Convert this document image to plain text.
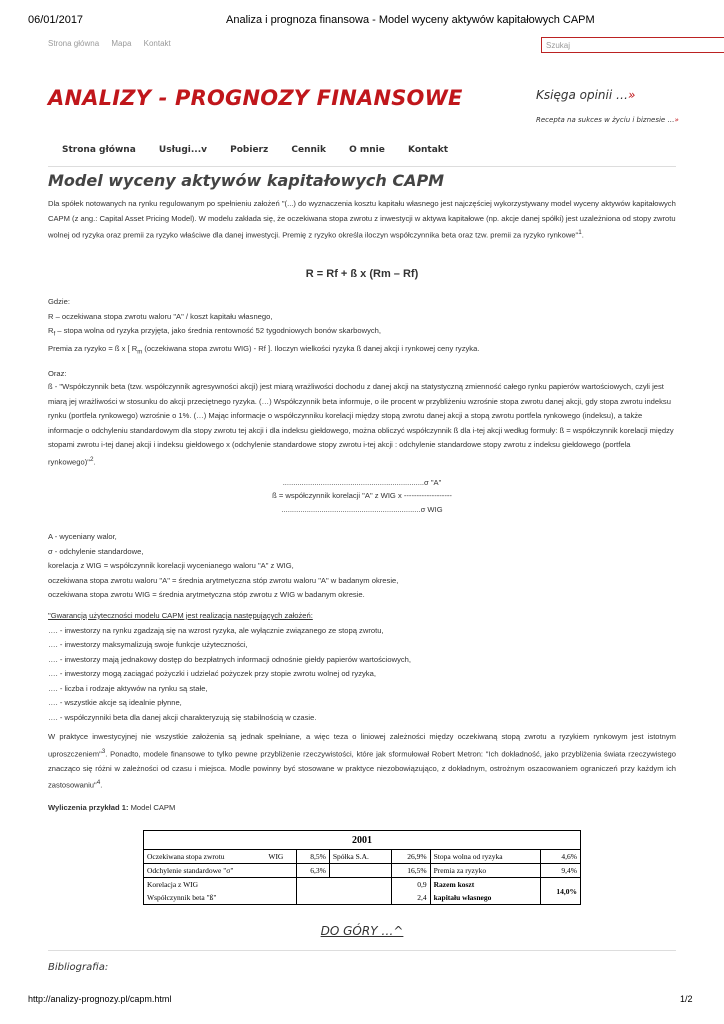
06/01/2017	Analiza i prognoza finansowa - Model wyceny aktywów kapitałowych CAPM
Strona główna Mapa Kontakt	Szukaj
ANALIZY - PROGNOZY FINANSOWE	Księga opinii …»
Recepta na sukces w życiu i biznesie …»
Strona główna	Usługi...v	Pobierz	Cennik	O mnie	Kontakt
Model wyceny aktywów kapitałowych CAPM
Dla spółek notowanych na rynku regulowanym po spełnieniu założeń "(...) do wyznaczenia kosztu kapitału własnego jest najczęściej wykorzystywany model wyceny aktywów kapitałowych CAPM (z ang.: Capital Asset Pricing Model). W modelu zakłada się, że oczekiwana stopa zwrotu z inwestycji w aktywa kapitałowe (np. akcje danej spółki) jest uzależniona od stopy zwrotu wolnej od ryzyka oraz premii za ryzyko właściwe dla danej inwestycji. Premię z ryzyko określa iloczyn współczynnika beta oraz tzw. premii za ryzyko rynkowe"$^1$.
R = Rf + ß x (Rm – Rf)

Gdzie:

R – oczekiwana stopa zwrotu waloru "A" / koszt kapitału własnego,

$R_f$ – stopa wolna od ryzyka przyjęta, jako średnia rentowność 52 tygodniowych bonów skarbowych,

Premia za ryzyko = ß x [ $R_m$ (oczekiwana stopa zwrotu WIG) - Rf ]. Iloczyn wielkości ryzyka ß danej akcji i rynkowej ceny ryzyka.

Oraz:
ß - "Współczynnik beta (tzw. współczynnik agresywności akcji) jest miarą wrażliwości dochodu z danej akcji na statystyczną zmienność całego rynku papierów wartościowych, czyli jest miarą jej wrażliwości w stosunku do akcji przeciętnego ryzyka. (…) Współczynnik beta informuje, o ile procent w przybliżeniu wzrośnie stopa zwrotu danej akcji, gdy stopa zwrotu indeksu rynku (portfela rynkowego) wzrośnie o 1%. (…) Mając informacje o współczynniku korelacji między stopą zwrotu danej akcji a stopą zwrotu portfela rynkowego (indeksu), a także informacje o odchyleniu standardowym dla stopy zwrotu tej akcji i dla indeksu giełdowego, można obliczyć współczynnik ß dla i-tej akcji według formuły: ß = współczynnik korelacji między stopami zwrotu i-tej danej akcji i indeksu giełdowego x (odchylenie standardowe stopy zwrotu i-tej akcji : odchylenie standardowe stopy zwrotu z indeksu giełdowego (portfela rynkowego)"$^2$.
...................................................................σ "A"
ß = współczynnik korelacji "A" z WIG x -------------------
..................................................................σ WIG

A - wyceniany walor,

σ - odchylenie standardowe,

korelacja z WIG = współczynnik korelacji wycenianego waloru "A" z WIG,

oczekiwana stopa zwrotu waloru "A" = średnia arytmetyczna stóp zwrotu waloru "A" w badanym okresie,

oczekiwana stopa zwrotu WIG = średnia arytmetyczna stóp zwrotu z WIG w badanym okresie.

"Gwarancją użyteczności modelu CAPM jest realizacja następujących założeń:

…. - inwestorzy na rynku zgadzają się na wzrost ryzyka, ale wyłącznie związanego ze stopą zwrotu,

…. - inwestorzy maksymalizują swoje funkcje użyteczności,

…. - inwestorzy mają jednakowy dostęp do bezpłatnych informacji odnośnie giełdy papierów wartościowych,

…. - inwestorzy mogą zaciągać pożyczki i udzielać pożyczek przy stopie zwrotu wolnej od ryzyka,

…. - liczba i rodzaje aktywów na rynku są stałe,

…. - wszystkie akcje są idealnie płynne,

…. - współczynniki beta dla danej akcji charakteryzują się stabilnością w czasie.

W praktyce inwestycyjnej nie wszystkie założenia są jednak spełniane, a więc teza o liniowej zależności między oczekiwaną stopą zwrotu a ryzykiem rynkowym jest istotnym uproszczeniem"$^3$. Ponadto, modele finansowe to tylko pewne przybliżenie rzeczywistości, które jak sformułował Robert Metron: "Ich dokładność, jako przybliżenia świata rzeczywistego znacząco się różni w zależności od czasu i miejsca. Modle powinny być stosowane w praktyce niezobowiązująco, z dokładnym, ostrożnym oszacowaniem ograniczeń przy każdym ich zastosowaniu"$^4$.
Wyliczenia przykład 1: Model CAPM
2001						
Oczekiwana stopa zwrotu	WIG	8,5%	Spółka S.A.	26,9%	Stopa wolna od ryzyka	4,6%
Odchylenie standardowe "σ"		6,3%		16,5%	Premia za ryzyko	9,4%
Korelacja z WIG				0,9	Razem koszt	14,0%
Współczynnik beta "ß"				2,4	kapitału własnego	
DO GÓRY …^
Bibliografia:
http://analizy-prognozy.pl/capm.html	1/2
